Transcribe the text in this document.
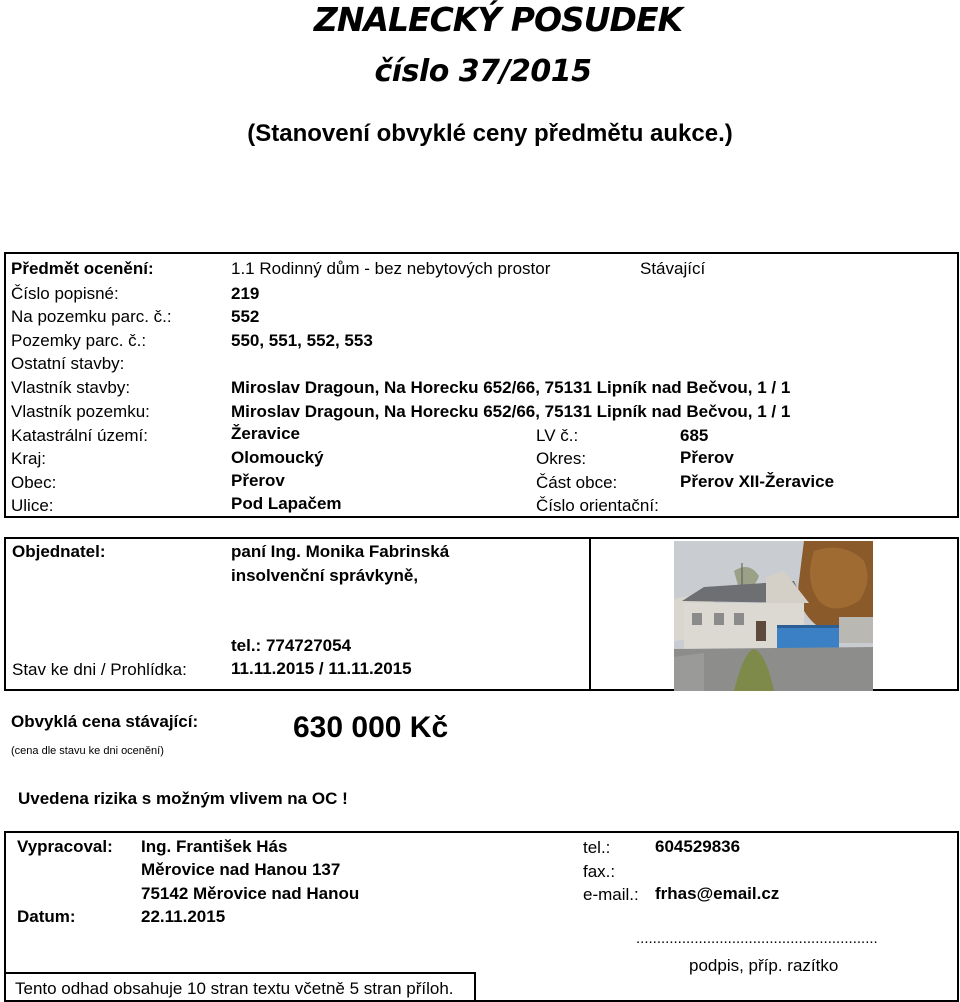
ZNALECKÝ POSUDEK
číslo 37/2015
(Stanovení obvyklé ceny předmětu aukce.)
Předmět ocenění:	1.1 Rodinný dům - bez nebytových prostor	Stávající
Číslo popisné:	219
Na pozemku parc. č.:	552
Pozemky parc. č.:	550, 551, 552, 553
Ostatní stavby:
Vlastník stavby:	Miroslav Dragoun, Na Horecku 652/66, 75131 Lipník nad Bečvou, 1 / 1
Vlastník pozemku:	Miroslav Dragoun, Na Horecku 652/66, 75131 Lipník nad Bečvou, 1 / 1
Katastrální území:	Žeravice	LV č.:	685
Kraj:	Olomoucký	Okres:	Přerov
Obec:	Přerov	Část obce:	Přerov XII-Žeravice
Ulice:	Pod Lapačem	Číslo orientační:
Objednatel:	paní Ing. Monika Fabrinská
insolvenční správkyně,
tel.: 774727054
Stav ke dni / Prohlídka:	11.11.2015 / 11.11.2015
Obvyklá cena stávající:
(cena dle stavu ke dni ocenění)
630 000 Kč
Uvedena rizika s možným vlivem na OC !
Vypracoval: Ing. František Hás
Měrovice nad Hanou 137
75142 Měrovice nad Hanou
Datum:	22.11.2015
tel.:	604529836
fax.:
e-mail.: frhas@email.cz
..........................................................
podpis, příp. razítko
Tento odhad obsahuje 10 stran textu včetně 5 stran příloh.
